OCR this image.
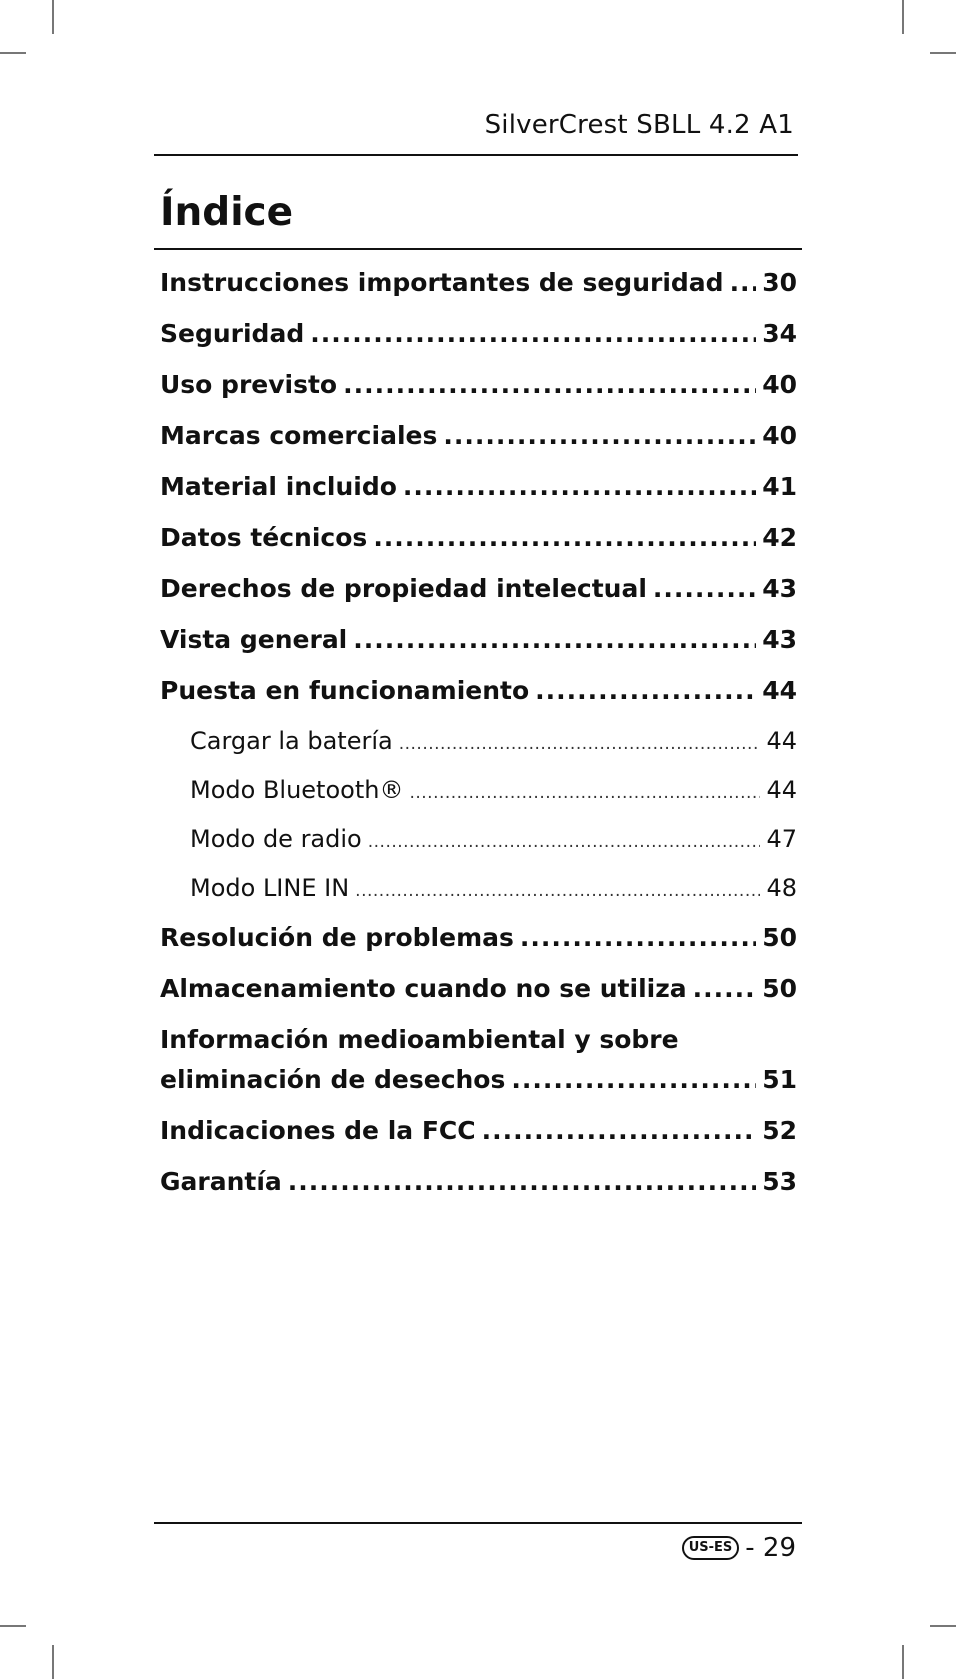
SilverCrest SBLL 4.2 A1
Índice
Instrucciones importantes de seguridad ..... 30
Seguridad .....	34
Uso previsto .....	40
Marcas comerciales .....	40
Material incluido .....	41
Datos técnicos .....	42
Derechos de propiedad intelectual .....	43
Vista general .....	43
Puesta en funcionamiento .....	44
Cargar la batería .....	44
Modo Bluetooth® .....	44
Modo de radio .....	47
Modo LINE IN .....	48
Resolución de problemas .....	50
Almacenamiento cuando no se utiliza .....	50
Información medioambiental y sobre
eliminación de desechos .....	51
Indicaciones de la FCC .....	52
Garantía .....	53
US-ES - 29
